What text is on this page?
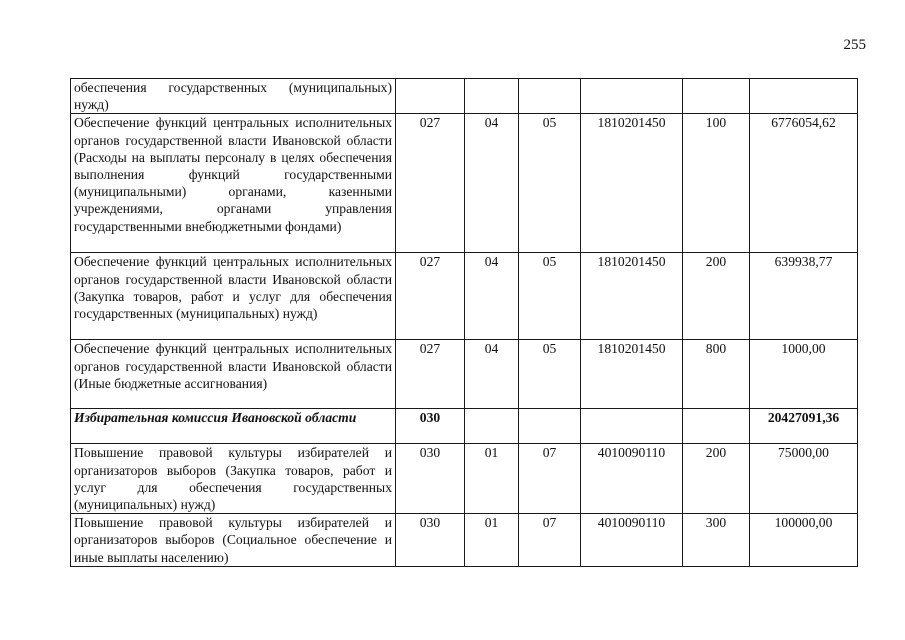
255
обеспечения государственных (муниципальных) нужд)						
Обеспечение функций центральных исполнительных органов государственной власти Ивановской области (Расходы на выплаты персоналу в целях обеспечения выполнения функций государственными (муниципальными) органами, казенными учреждениями, органами управления государственными внебюджетными фондами)	027	04	05	1810201450	100	6776054,62
Обеспечение функций центральных исполнительных органов государственной власти Ивановской области (Закупка товаров, работ и услуг для обеспечения государственных (муниципальных) нужд)	027	04	05	1810201450	200	639938,77
Обеспечение функций центральных исполнительных органов государственной власти Ивановской области (Иные бюджетные ассигнования)	027	04	05	1810201450	800	1000,00
Избирательная комиссия Ивановской области	030					20427091,36
Повышение правовой культуры избирателей и организаторов выборов (Закупка товаров, работ и услуг для обеспечения государственных (муниципальных) нужд)	030	01	07	4010090110	200	75000,00
Повышение правовой культуры избирателей и организаторов выборов (Социальное обеспечение и иные выплаты населению)	030	01	07	4010090110	300	100000,00
